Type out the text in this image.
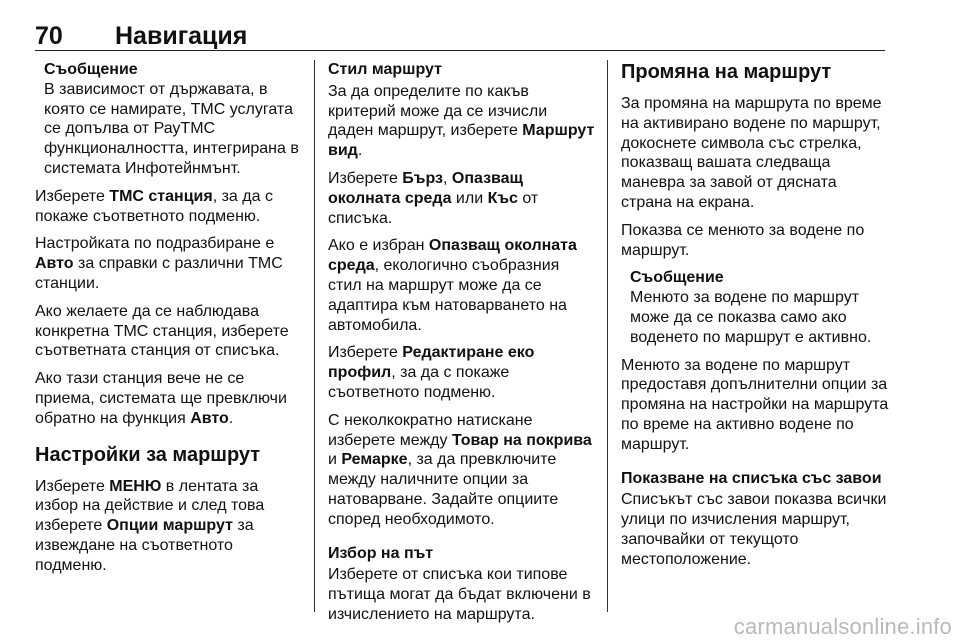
70 Навигация
Съобщение
В зависимост от държавата, в която се намирате, ТМС услугата се допълва от РауТМС функционалността, интегрирана в системата Инфотейнмънт.

Изберете ТМС станция, за да с покаже съответното подменю.

Настройката по подразбиране е Авто за справки с различни ТМС станции.

Ако желаете да се наблюдава конкретна ТМС станция, изберете съответната станция от списъка.

Ако тази станция вече не се приема, системата ще превключи обратно на функция Авто.

Настройки за маршрут

Изберете МЕНЮ в лентата за избор на действие и след това изберете Опции маршрут за извеждане на съответното подменю.

Стил маршрут

За да определите по какъв критерий може да се изчисли даден маршрут, изберете Маршрут вид.

Изберете Бърз, Опазващ околната среда или Къс от списъка.

Ако е избран Опазващ околната среда, екологично съобразния стил на маршрут може да се адаптира към натоварването на автомобила.

Изберете Редактиране еко профил, за да с покаже съответното подменю.

С неколкократно натискане изберете между Товар на покрива и Ремарке, за да превключите между наличните опции за натоварване. Задайте опциите според необходимото.

Избор на път

Изберете от списъка кои типове пътища могат да бъдат включени в изчислението на маршрута.

Промяна на маршрут

За промяна на маршрута по време на активирано водене по маршрут, докоснете символа със стрелка, показващ вашата следваща маневра за завой от дясната страна на екрана.

Показва се менюто за водене по маршрут.

Съобщение
Менюто за водене по маршрут може да се показва само ако воденето по маршрут е активно.

Менюто за водене по маршрут предоставя допълнителни опции за промяна на настройки на маршрута по време на активно водене по маршрут.

Показване на списъка със завои

Списъкът със завои показва всички улици по изчисления маршрут, започвайки от текущото местоположение.

carmanualsonline.info
